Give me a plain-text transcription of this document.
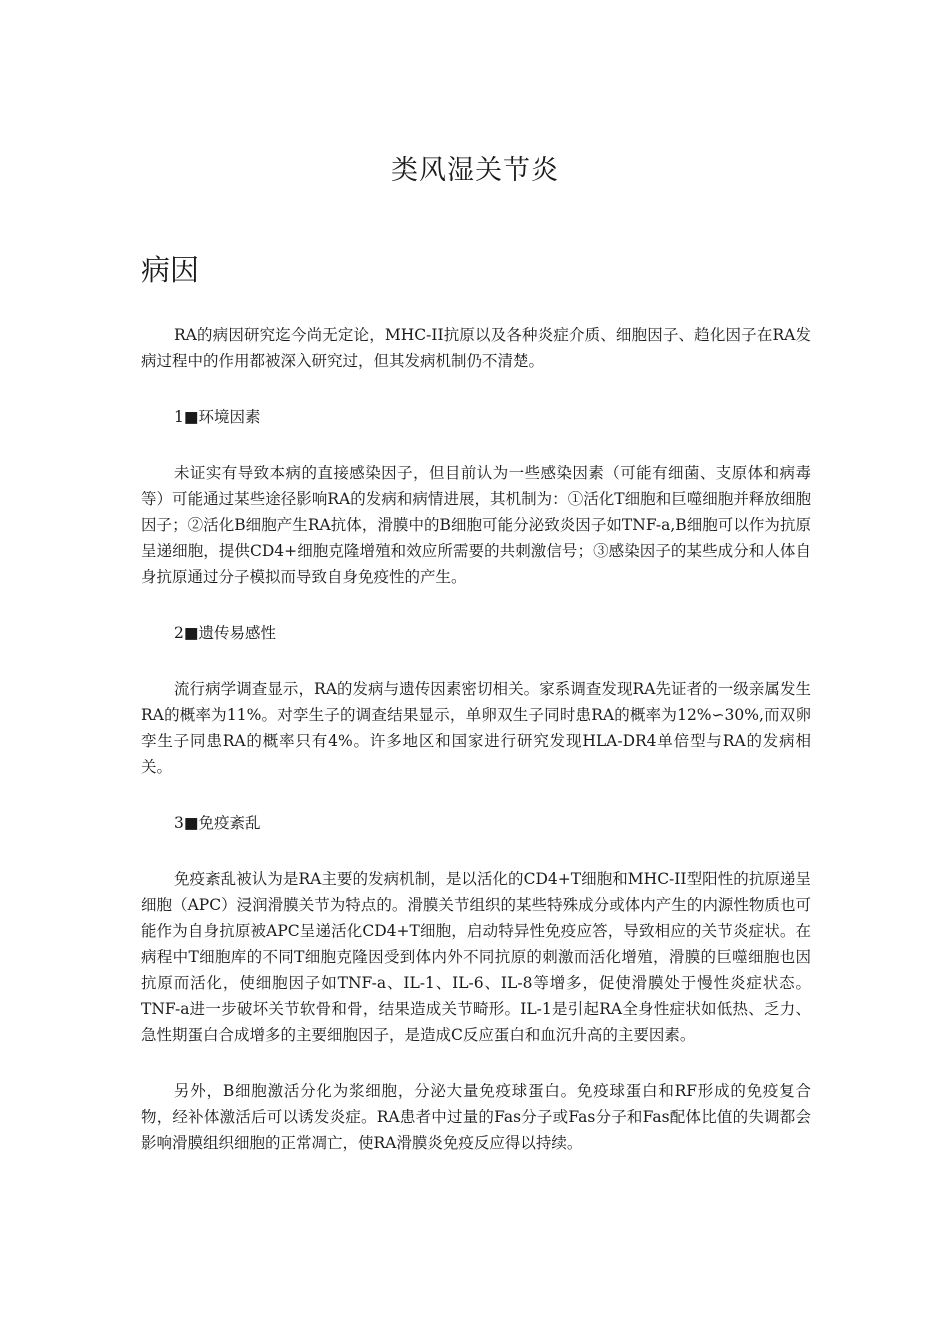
类风湿关节炎
病因

RA的病因研究迄今尚无定论，MHC-II抗原以及各种炎症介质、细胞因子、趋化因子在RA发病过程中的作用都被深入研究过，但其发病机制仍不清楚。

1■环境因素

未证实有导致本病的直接感染因子，但目前认为一些感染因素（可能有细菌、支原体和病毒等）可能通过某些途径影响RA的发病和病情进展，其机制为：①活化T细胞和巨噬细胞并释放细胞因子；②活化B细胞产生RA抗体，滑膜中的B细胞可能分泌致炎因子如TNF-a,B细胞可以作为抗原呈递细胞，提供CD4+细胞克隆增殖和效应所需要的共刺激信号；③感染因子的某些成分和人体自身抗原通过分子模拟而导致自身免疫性的产生。

2■遗传易感性

流行病学调查显示，RA的发病与遗传因素密切相关。家系调查发现RA先证者的一级亲属发生RA的概率为11%。对孪生子的调查结果显示，单卵双生子同时患RA的概率为12%∽30%,而双卵孪生子同患RA的概率只有4%。许多地区和国家进行研究发现HLA-DR4单倍型与RA的发病相关。

3■免疫紊乱

免疫紊乱被认为是RA主要的发病机制，是以活化的CD4+T细胞和MHC-II型阳性的抗原递呈细胞（APC）浸润滑膜关节为特点的。滑膜关节组织的某些特殊成分或体内产生的内源性物质也可能作为自身抗原被APC呈递活化CD4+T细胞，启动特异性免疫应答，导致相应的关节炎症状。在病程中T细胞库的不同T细胞克隆因受到体内外不同抗原的刺激而活化增殖，滑膜的巨噬细胞也因抗原而活化，使细胞因子如TNF-a、IL-1、IL-6、IL-8等增多，促使滑膜处于慢性炎症状态。TNF-a进一步破坏关节软骨和骨，结果造成关节畸形。IL-1是引起RA全身性症状如低热、乏力、急性期蛋白合成增多的主要细胞因子，是造成C反应蛋白和血沉升高的主要因素。

另外，B细胞激活分化为浆细胞，分泌大量免疫球蛋白。免疫球蛋白和RF形成的免疫复合物，经补体激活后可以诱发炎症。RA患者中过量的Fas分子或Fas分子和Fas配体比值的失调都会影响滑膜组织细胞的正常凋亡，使RA滑膜炎免疫反应得以持续。
